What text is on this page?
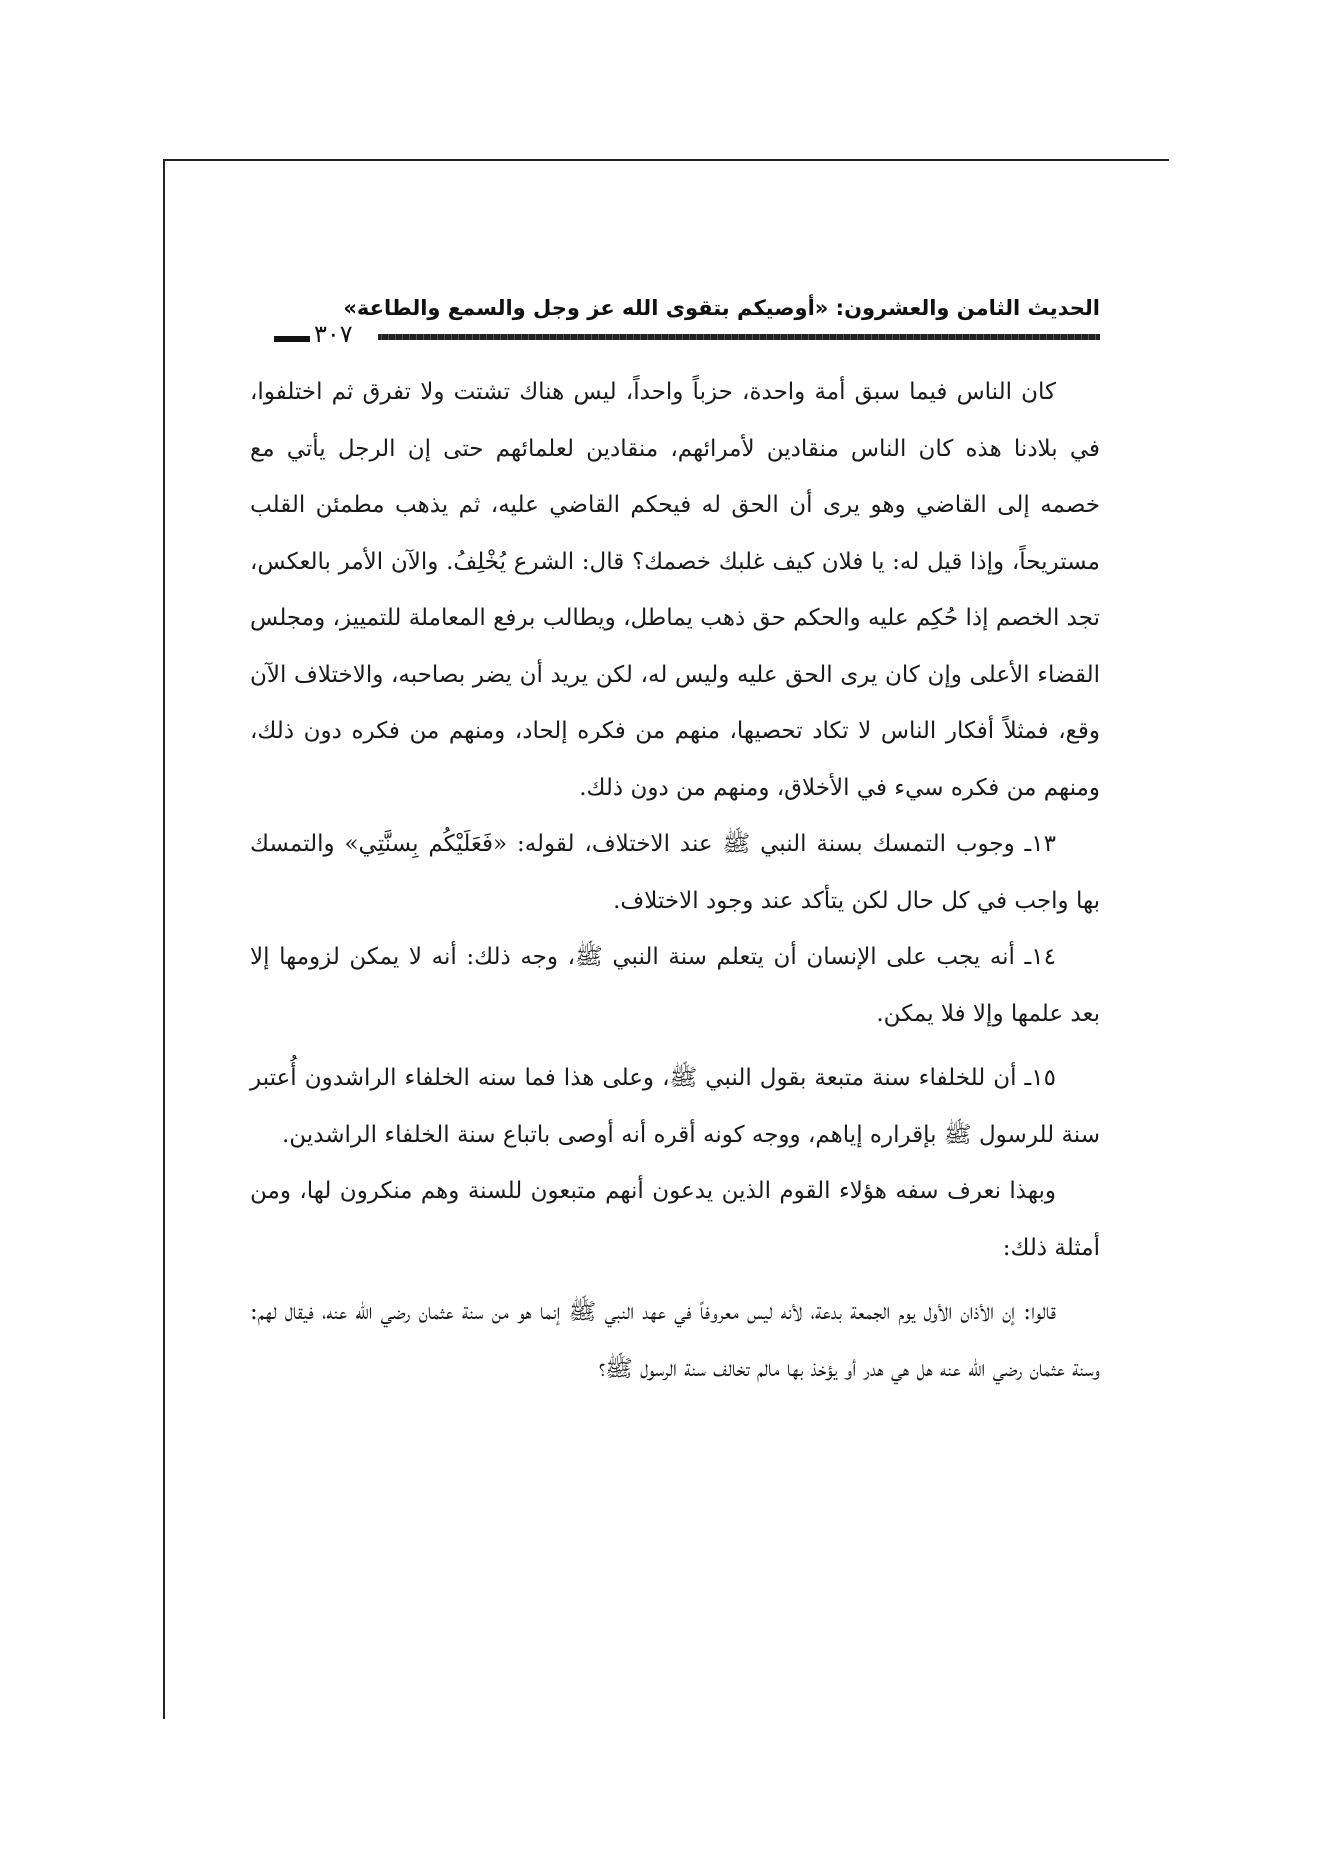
الحديث الثامن والعشرون: «أوصيكم بتقوى الله عز وجل والسمع والطاعة»
٣٠٧

كان الناس فيما سبق أمة واحدة، حزباً واحداً، ليس هناك تشتت ولا تفرق ثم اختلفوا، في بلادنا هذه كان الناس منقادين لأمرائهم، منقادين لعلمائهم حتى إن الرجل يأتي مع خصمه إلى القاضي وهو يرى أن الحق له فيحكم القاضي عليه، ثم يذهب مطمئن القلب مستريحاً، وإذا قيل له: يا فلان كيف غلبك خصمك؟ قال: الشرع يُخْلِفُ. والآن الأمر بالعكس، تجد الخصم إذا حُكِم عليه والحكم حق ذهب يماطل، ويطالب برفع المعاملة للتمييز، ومجلس القضاء الأعلى وإن كان يرى الحق عليه وليس له، لكن يريد أن يضر بصاحبه، والاختلاف الآن وقع، فمثلاً أفكار الناس لا تكاد تحصيها، منهم من فكره إلحاد، ومنهم من فكره دون ذلك، ومنهم من فكره سيء في الأخلاق، ومنهم من دون ذلك.

١٣ـ وجوب التمسك بسنة النبي ﷺ عند الاختلاف، لقوله: «فَعَلَيْكُم بِسنَّتِي» والتمسك بها واجب في كل حال لكن يتأكد عند وجود الاختلاف.

١٤ـ أنه يجب على الإنسان أن يتعلم سنة النبي ﷺ، وجه ذلك: أنه لا يمكن لزومها إلا بعد علمها وإلا فلا يمكن.

١٥ـ أن للخلفاء سنة متبعة بقول النبي ﷺ، وعلى هذا فما سنه الخلفاء الراشدون أُعتبر سنة للرسول ﷺ بإقراره إياهم، ووجه كونه أقره أنه أوصى باتباع سنة الخلفاء الراشدين.

وبهذا نعرف سفه هؤلاء القوم الذين يدعون أنهم متبعون للسنة وهم منكرون لها، ومن أمثلة ذلك:

قالوا: إن الأذان الأول يوم الجمعة بدعة، لأنه ليس معروفاً في عهد النبي ﷺ إنما هو من سنة عثمان رضي الله عنه، فيقال لهم: وسنة عثمان رضي الله عنه هل هي هدر أو يؤخذ بها مالم تخالف سنة الرسول ﷺ؟
